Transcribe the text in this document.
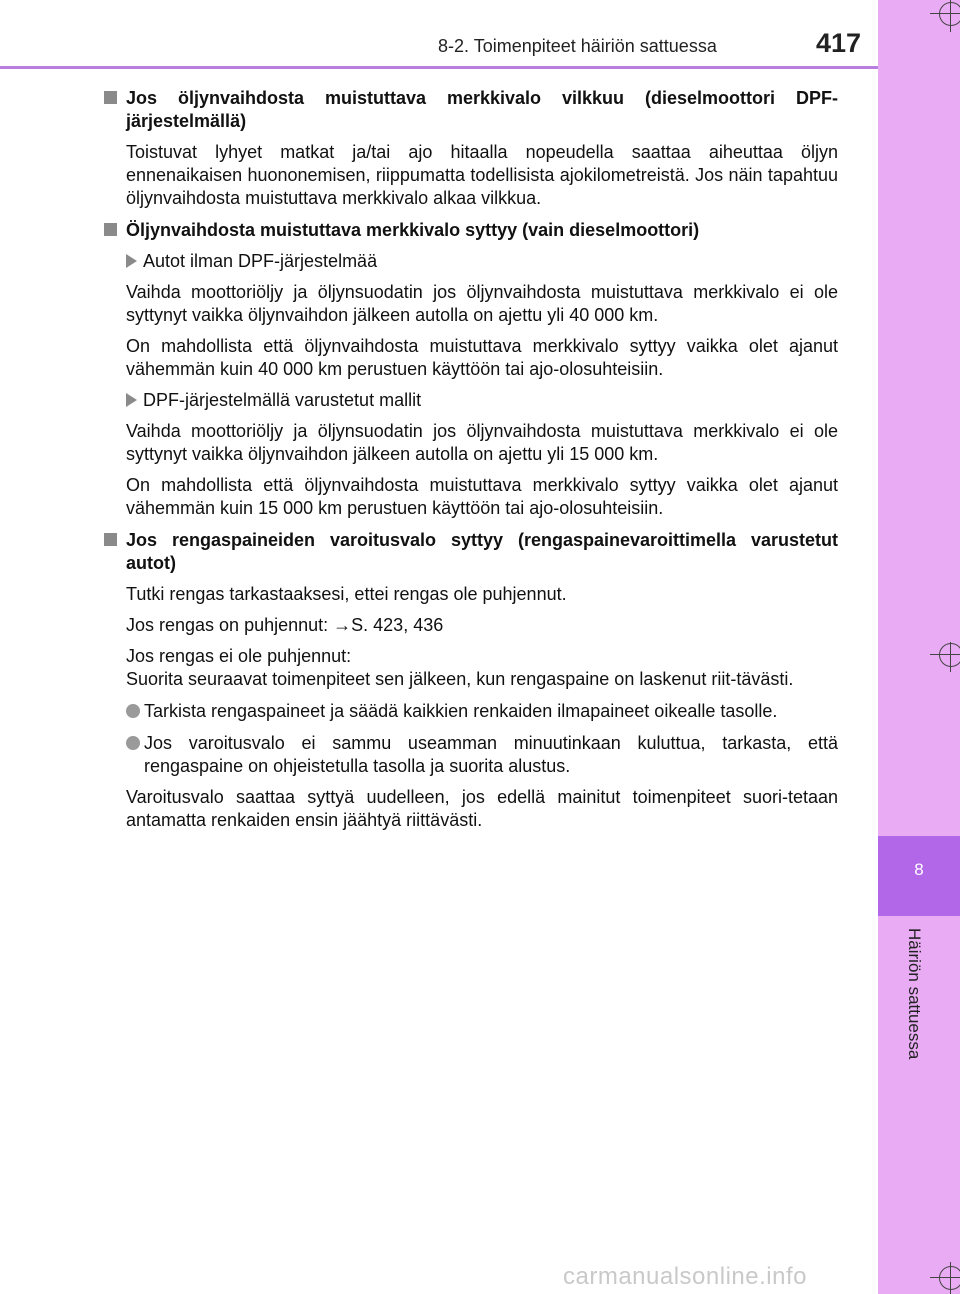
8
Häiriön sattuessa
8-2. Toimenpiteet häiriön sattuessa	417
Jos öljynvaihdosta muistuttava merkkivalo vilkkuu (dieselmoottori DPF-järjestelmällä)
Toistuvat lyhyet matkat ja/tai ajo hitaalla nopeudella saattaa aiheuttaa öljyn ennenaikaisen huononemisen, riippumatta todellisista ajokilometreistä. Jos näin tapahtuu öljynvaihdosta muistuttava merkkivalo alkaa vilkkua.
Öljynvaihdosta muistuttava merkkivalo syttyy (vain dieselmoottori)
Autot ilman DPF-järjestelmää
Vaihda moottoriöljy ja öljynsuodatin jos öljynvaihdosta muistuttava merkkivalo ei ole syttynyt vaikka öljynvaihdon jälkeen autolla on ajettu yli 40 000 km.
On mahdollista että öljynvaihdosta muistuttava merkkivalo syttyy vaikka olet ajanut vähemmän kuin 40 000 km perustuen käyttöön tai ajo-olosuhteisiin.
DPF-järjestelmällä varustetut mallit
Vaihda moottoriöljy ja öljynsuodatin jos öljynvaihdosta muistuttava merkkivalo ei ole syttynyt vaikka öljynvaihdon jälkeen autolla on ajettu yli 15 000 km.
On mahdollista että öljynvaihdosta muistuttava merkkivalo syttyy vaikka olet ajanut vähemmän kuin 15 000 km perustuen käyttöön tai ajo-olosuhteisiin.
Jos rengaspaineiden varoitusvalo syttyy (rengaspainevaroittimella varustetut autot)
Tutki rengas tarkastaaksesi, ettei rengas ole puhjennut.
Jos rengas on puhjennut: →S. 423, 436
Jos rengas ei ole puhjennut:
Suorita seuraavat toimenpiteet sen jälkeen, kun rengaspaine on laskenut riit-tävästi.
Tarkista rengaspaineet ja säädä kaikkien renkaiden ilmapaineet oikealle tasolle.
Jos varoitusvalo ei sammu useamman minuutinkaan kuluttua, tarkasta, että rengaspaine on ohjeistetulla tasolla ja suorita alustus.
Varoitusvalo saattaa syttyä uudelleen, jos edellä mainitut toimenpiteet suori-tetaan antamatta renkaiden ensin jäähtyä riittävästi.
carmanualsonline.info
